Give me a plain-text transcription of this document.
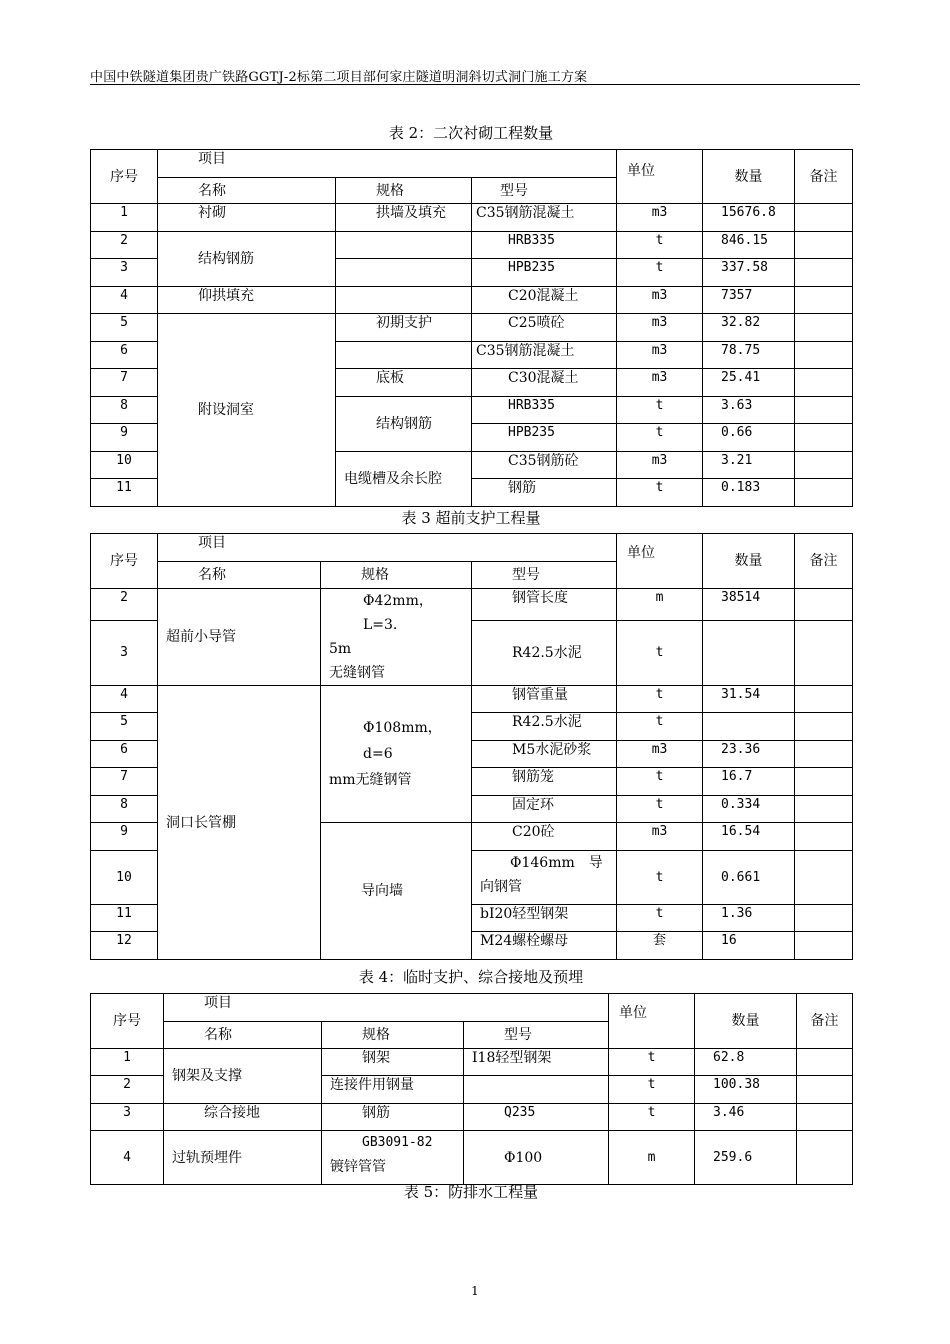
中国中铁隧道集团贵广铁路GGTJ-2标第二项目部何家庄隧道明洞斜切式洞门施工方案
表 2：二次衬砌工程数量
序号	项目			单位	数量	备注
	名称	规格	型号			
1	衬砌	拱墙及填充	C35钢筋混凝土	m3	15676.8	
2	结构钢筋		HRB335	t	846.15	
3			HPB235	t	337.58	
4	仰拱填充		C20混凝土	m3	7357	
5	附设洞室	初期支护	C25喷砼	m3	32.82	
6			C35钢筋混凝土	m3	78.75	
7		底板	C30混凝土	m3	25.41	
8		结构钢筋	HRB335	t	3.63	
9			HPB235	t	0.66	
10		电缆槽及余长腔	C35钢筋砼	m3	3.21	
11			钢筋	t	0.183	
表 3 超前支护工程量
序号	项目			单位	数量	备注
	名称	规格	型号			
2	超前小导管	Φ42mm，L=3.
5m
无缝钢管	钢管长度	m	38514	
3			R42.5水泥	t		
4	洞口长管棚	Φ108mm，d=6
mm无缝钢管	钢管重量	t	31.54	
5			R42.5水泥	t		
6			M5水泥砂浆	m3	23.36	
7			钢筋笼	t	16.7	
8			固定环	t	0.334	
9		导向墙	C20砼	m3	16.54	
10			Φ146mm　导
向钢管	t	0.661	
11			bI20轻型钢架	t	1.36	
12			M24螺栓螺母	套	16	
表 4：临时支护、综合接地及预埋
序号	项目			单位	数量	备注
	名称	规格	型号			
1	钢架及支撑	钢架	I18轻型钢架	t	62.8	
2		连接件用钢量		t	100.38	
3	综合接地	钢筋	Q235	t	3.46	
4	过轨预埋件	GB3091-82
镀锌管管	Φ100	m	259.6	
表 5：防排水工程量
1
